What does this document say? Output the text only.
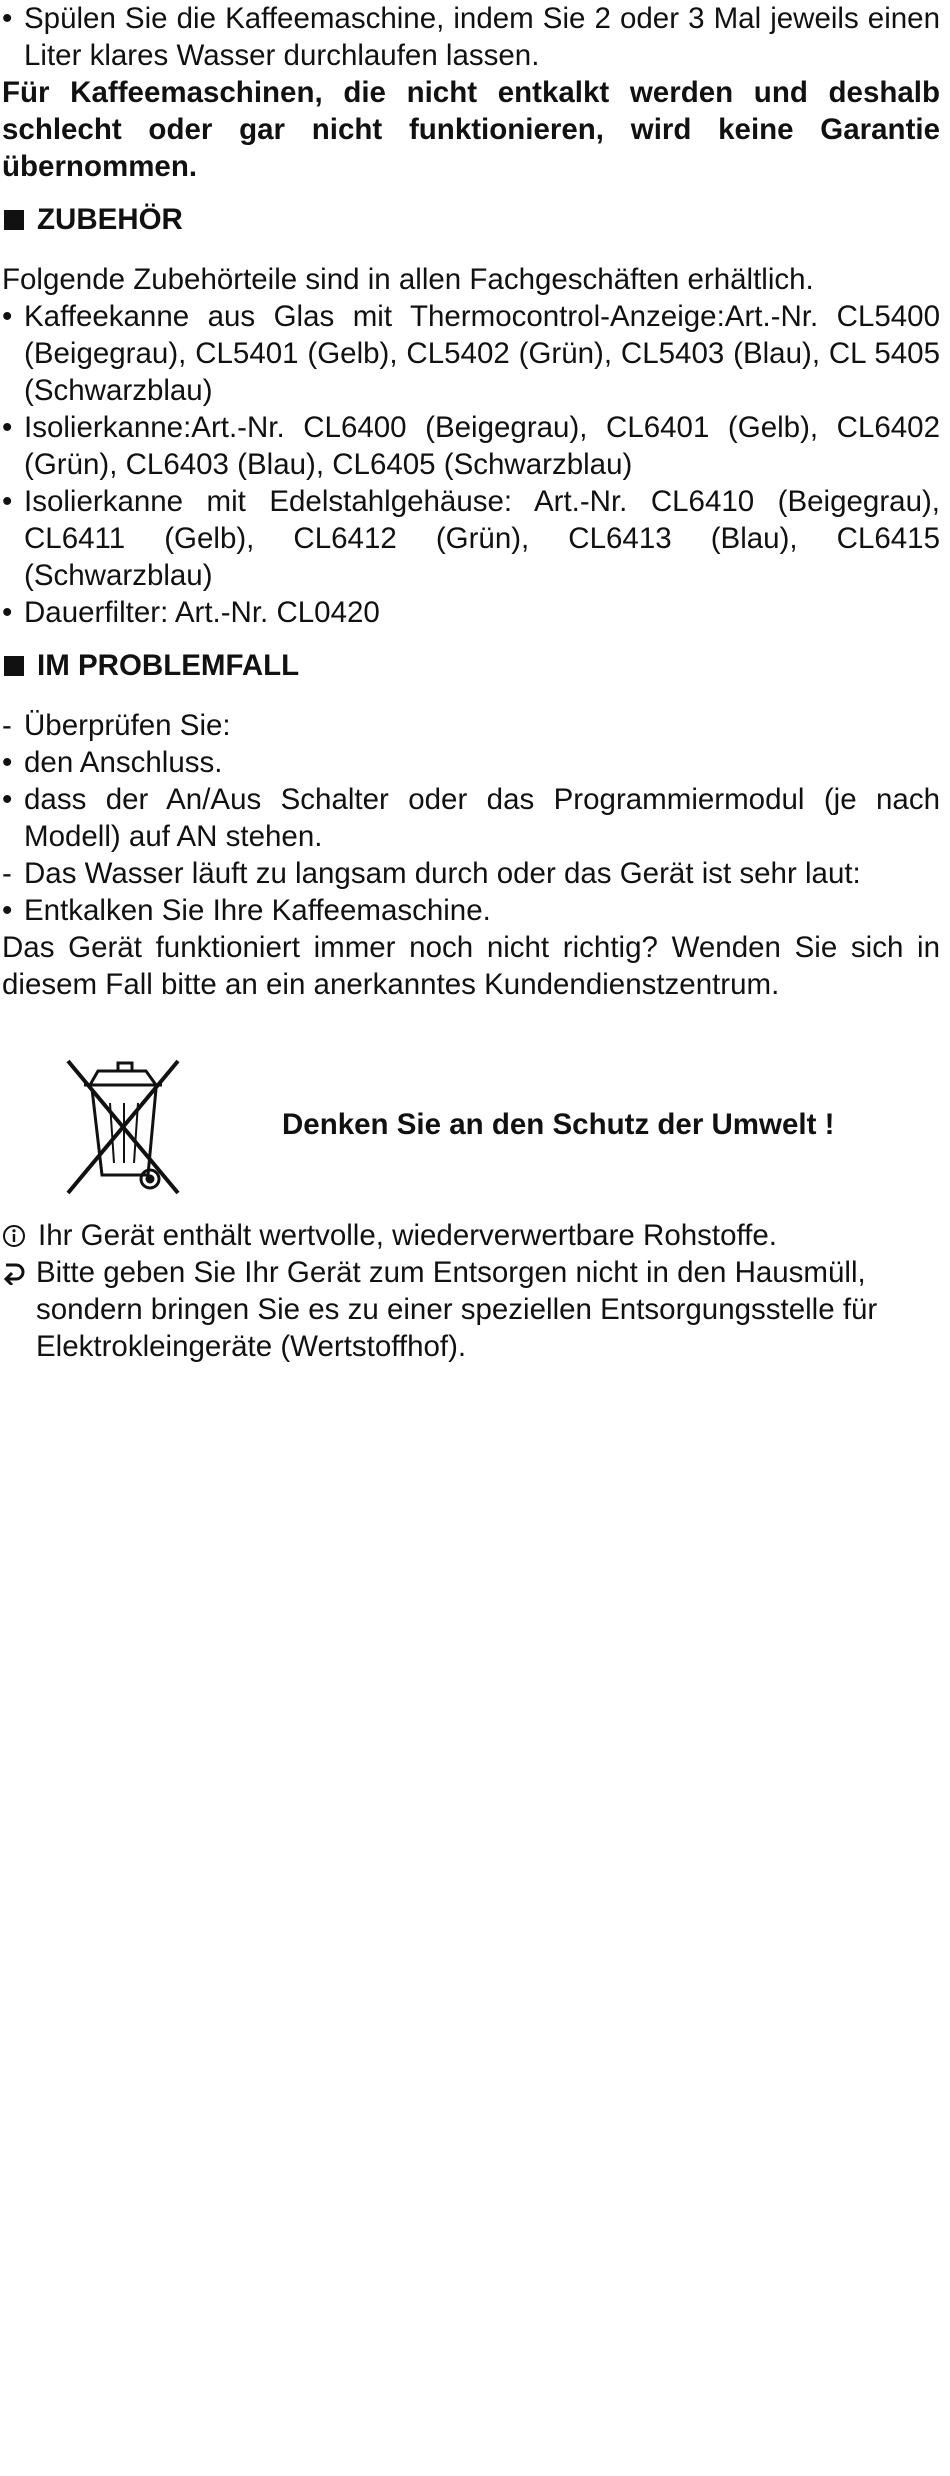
• Spülen Sie die Kaffeemaschine, indem Sie 2 oder 3 Mal jeweils einen Liter klares Wasser durchlaufen lassen.

Für Kaffeemaschinen, die nicht entkalkt werden und deshalb schlecht oder gar nicht funktionieren, wird keine Garantie übernommen.

ZUBEHÖR

Folgende Zubehörteile sind in allen Fachgeschäften erhältlich.

• Kaffeekanne aus Glas mit Thermocontrol-Anzeige:Art.-Nr. CL5400 (Beigegrau), CL5401 (Gelb), CL5402 (Grün), CL5403 (Blau), CL 5405 (Schwarzblau)
• Isolierkanne:Art.-Nr. CL6400 (Beigegrau), CL6401 (Gelb), CL6402 (Grün), CL6403 (Blau), CL6405 (Schwarzblau)
• Isolierkanne mit Edelstahlgehäuse: Art.-Nr. CL6410 (Beigegrau), CL6411 (Gelb), CL6412 (Grün), CL6413 (Blau), CL6415 (Schwarzblau)
• Dauerfilter: Art.-Nr. CL0420
IM PROBLEMFALL
- Überprüfen Sie:
• den Anschluss.
• dass der An/Aus Schalter oder das Programmiermodul (je nach Modell) auf AN stehen.
- Das Wasser läuft zu langsam durch oder das Gerät ist sehr laut:
• Entkalken Sie Ihre Kaffeemaschine.

Das Gerät funktioniert immer noch nicht richtig? Wenden Sie sich in diesem Fall bitte an ein anerkanntes Kundendienstzentrum.

Denken Sie an den Schutz der Umwelt !
Ihr Gerät enthält wertvolle, wiederverwertbare Rohstoffe.
Bitte geben Sie Ihr Gerät zum Entsorgen nicht in den Hausmüll, sondern bringen Sie es zu einer speziellen Entsorgungsstelle für Elektrokleingeräte (Wertstoffhof).
